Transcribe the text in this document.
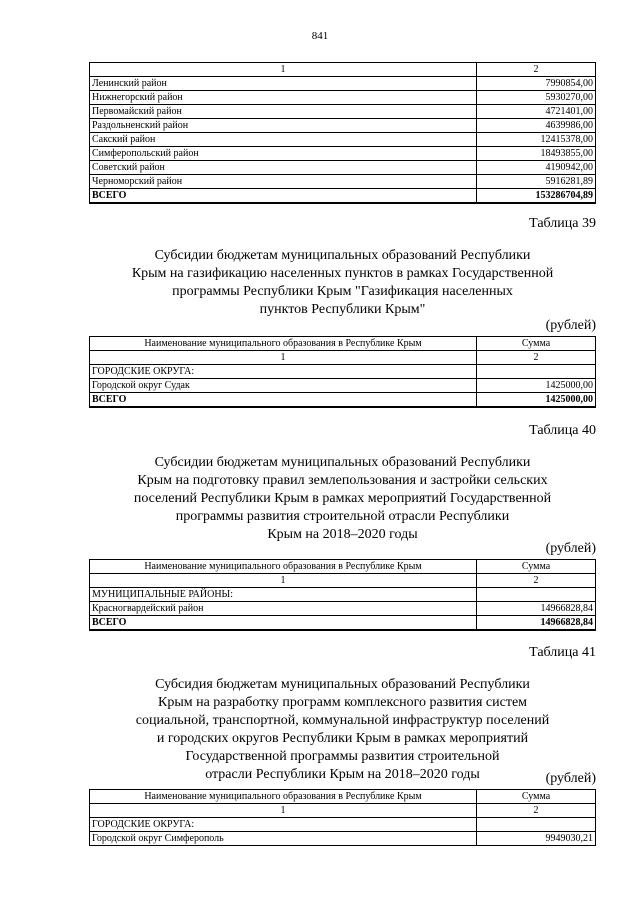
841
1	2
Ленинский район	7990854,00
Нижнегорский район	5930270,00
Первомайский район	4721401,00
Раздольненский район	4639986,00
Сакский район	12415378,00
Симферопольский район	18493855,00
Советский район	4190942,00
Черноморский район	5916281,89
ВСЕГО	153286704,89
Таблица 39
Субсидии бюджетам муниципальных образований Республики
Крым на газификацию населенных пунктов в рамках Государственной
программы Республики Крым "Газификация населенных
пунктов Республики Крым"
(рублей)
Наименование муниципального образования в Республике Крым	Сумма
1	2
ГОРОДСКИЕ ОКРУГА:	
Городской округ Судак	1425000,00
ВСЕГО	1425000,00
Таблица 40
Субсидии бюджетам муниципальных образований Республики
Крым на подготовку правил землепользования и застройки сельских
поселений Республики Крым в рамках мероприятий Государственной
программы развития строительной отрасли Республики
Крым на 2018–2020 годы
(рублей)
Наименование муниципального образования в Республике Крым	Сумма
1	2
МУНИЦИПАЛЬНЫЕ РАЙОНЫ:	
Красногвардейский район	14966828,84
ВСЕГО	14966828,84
Таблица 41
Субсидия бюджетам муниципальных образований Республики
Крым на разработку программ комплексного развития систем
социальной, транспортной, коммунальной инфраструктур поселений
и городских округов Республики Крым в рамках мероприятий
Государственной программы развития строительной
отрасли Республики Крым на 2018–2020 годы	(рублей)
Наименование муниципального образования в Республике Крым	Сумма
1	2
ГОРОДСКИЕ ОКРУГА:	
Городской округ Симферополь	9949030,21
